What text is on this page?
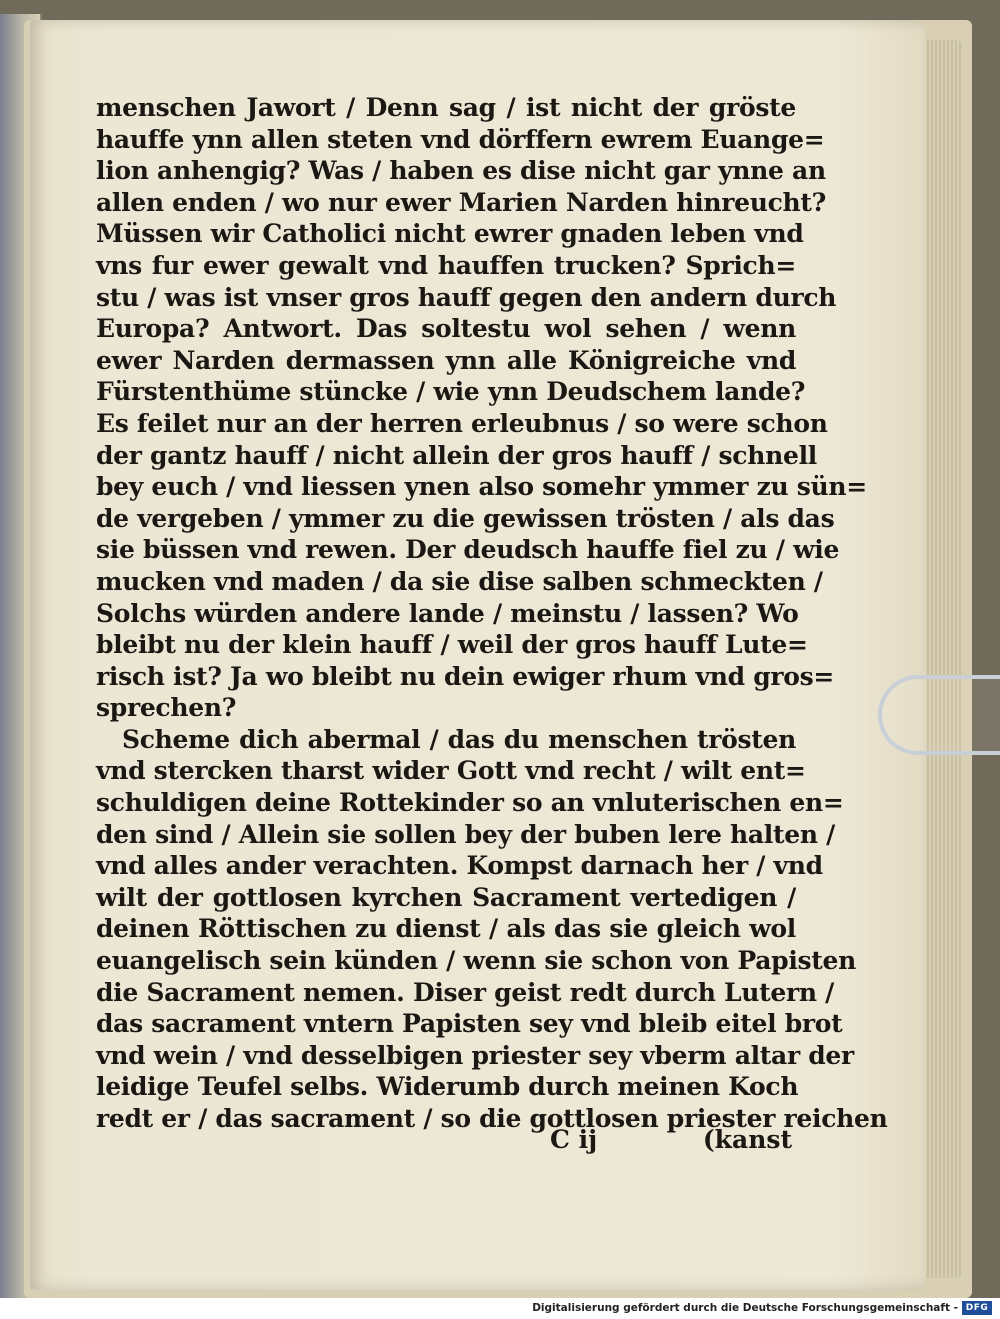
menschen Jawort / Denn sag / ist nicht der gröste
hauffe ynn allen steten vnd dörffern ewrem Euange=
lion anhengig? Was / haben es dise nicht gar ynne an
allen enden / wo nur ewer Marien Narden hinreucht?
Müssen wir Catholici nicht ewrer gnaden leben vnd
vns fur ewer gewalt vnd hauffen trucken? Sprich=
stu / was ist vnser gros hauff gegen den andern durch
Europa? Antwort. Das soltestu wol sehen / wenn
ewer Narden dermassen ynn alle Königreiche vnd
Fürstenthüme stüncke / wie ynn Deudschem lande?
Es feilet nur an der herren erleubnus / so were schon
der gantz hauff / nicht allein der gros hauff / schnell
bey euch / vnd liessen ynen also somehr ymmer zu sün=
de vergeben / ymmer zu die gewissen trösten / als das
sie büssen vnd rewen. Der deudsch hauffe fiel zu / wie
mucken vnd maden / da sie dise salben schmeckten /
Solchs würden andere lande / meinstu / lassen? Wo
bleibt nu der klein hauff / weil der gros hauff Lute=
risch ist? Ja wo bleibt nu dein ewiger rhum vnd gros=
sprechen?
Scheme dich abermal / das du menschen trösten
vnd stercken tharst wider Gott vnd recht / wilt ent=
schuldigen deine Rottekinder so an vnluterischen en=
den sind / Allein sie sollen bey der buben lere halten /
vnd alles ander verachten. Kompst darnach her / vnd
wilt der gottlosen kyrchen Sacrament vertedigen /
deinen Röttischen zu dienst / als das sie gleich wol
euangelisch sein künden / wenn sie schon von Papisten
die Sacrament nemen. Diser geist redt durch Lutern /
das sacrament vntern Papisten sey vnd bleib eitel brot
vnd wein / vnd desselbigen priester sey vberm altar der
leidige Teufel selbs. Widerumb durch meinen Koch
redt er / das sacrament / so die gottlosen priester reichen
C ij	(kanst
Digitalisierung gefördert durch die Deutsche Forschungsgemeinschaft - DFG
